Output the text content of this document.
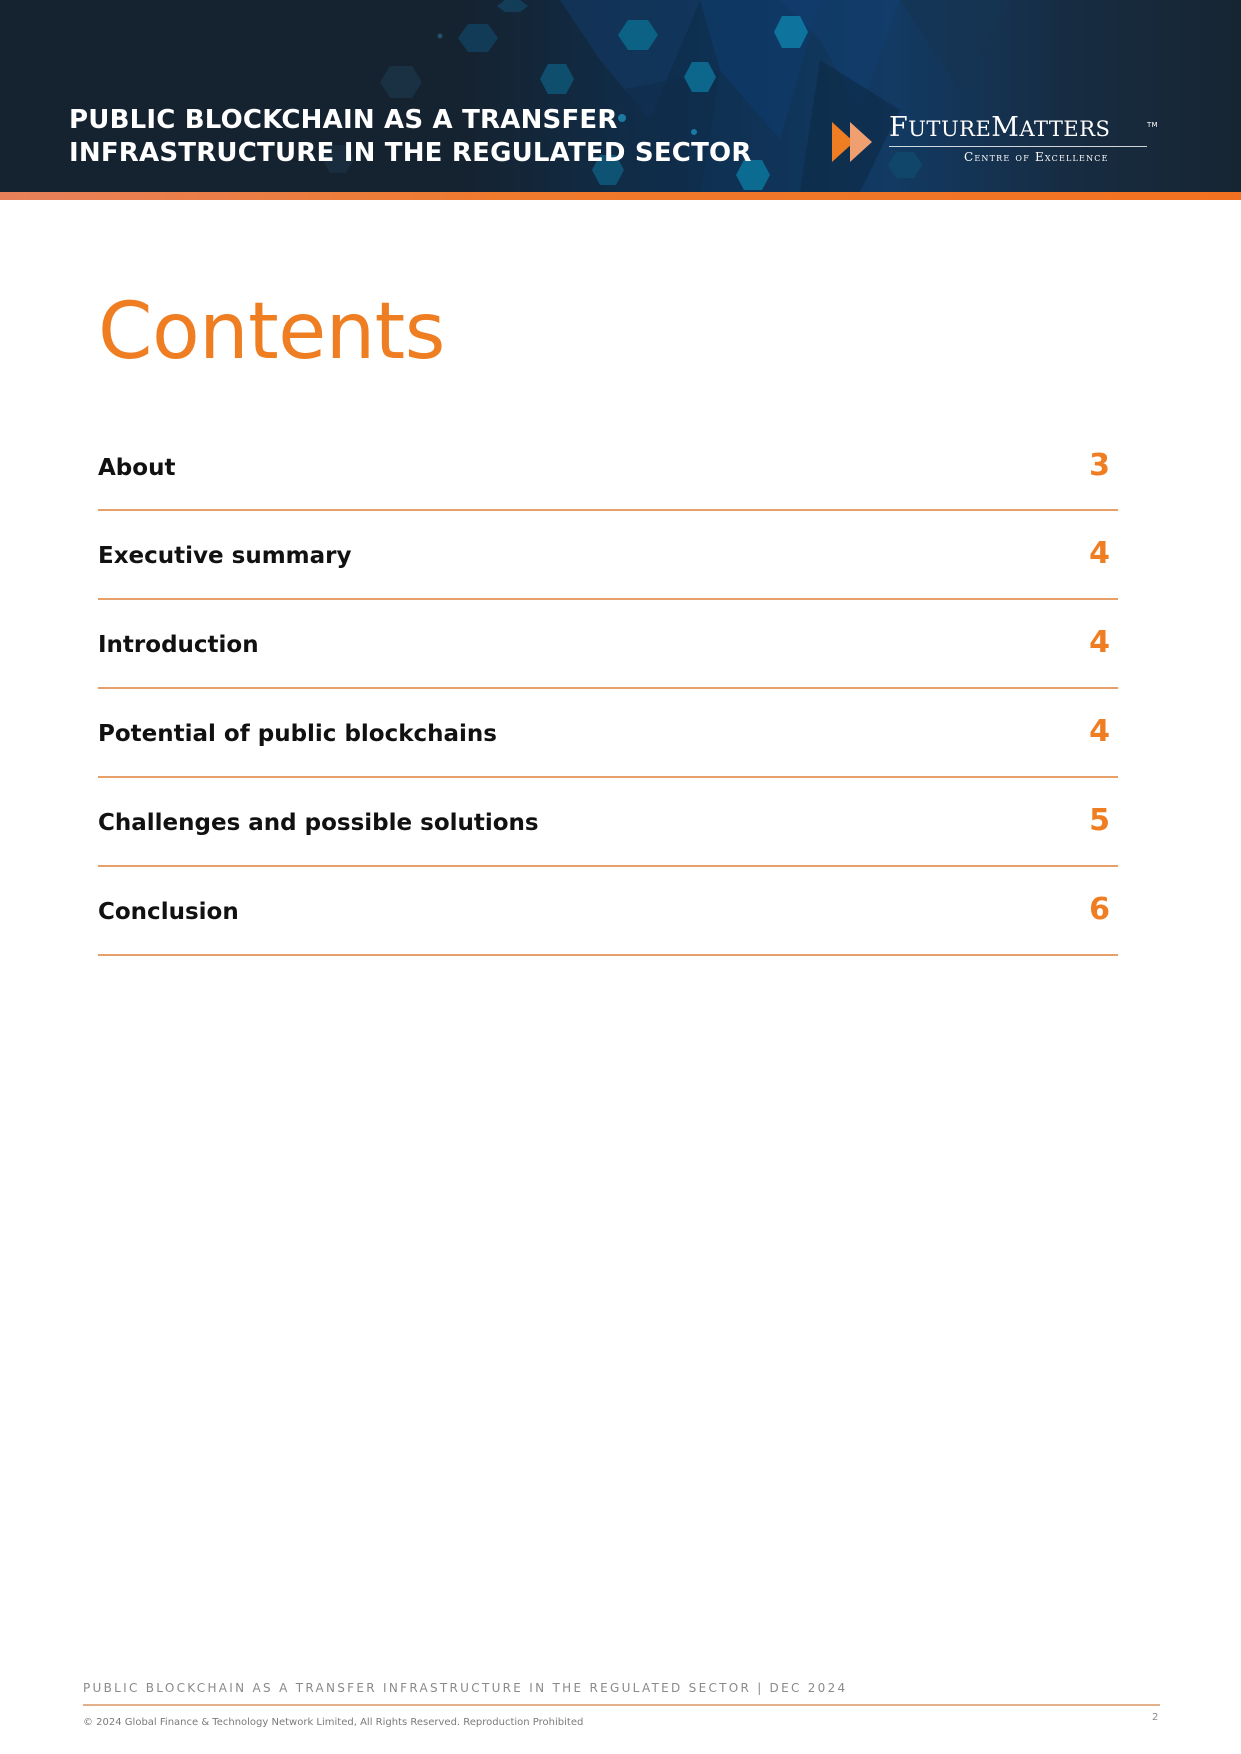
PUBLIC BLOCKCHAIN AS A TRANSFER
INFRASTRUCTURE IN THE REGULATED SECTOR
FUTUREMATTERS	TM
Centre of Excellence
Contents
About	3
Executive summary	4
Introduction	4
Potential of public blockchains	4
Challenges and possible solutions	5
Conclusion	6
PUBLIC BLOCKCHAIN AS A TRANSFER INFRASTRUCTURE IN THE REGULATED SECTOR | DEC 2024
© 2024 Global Finance & Technology Network Limited, All Rights Reserved. Reproduction Prohibited	2
